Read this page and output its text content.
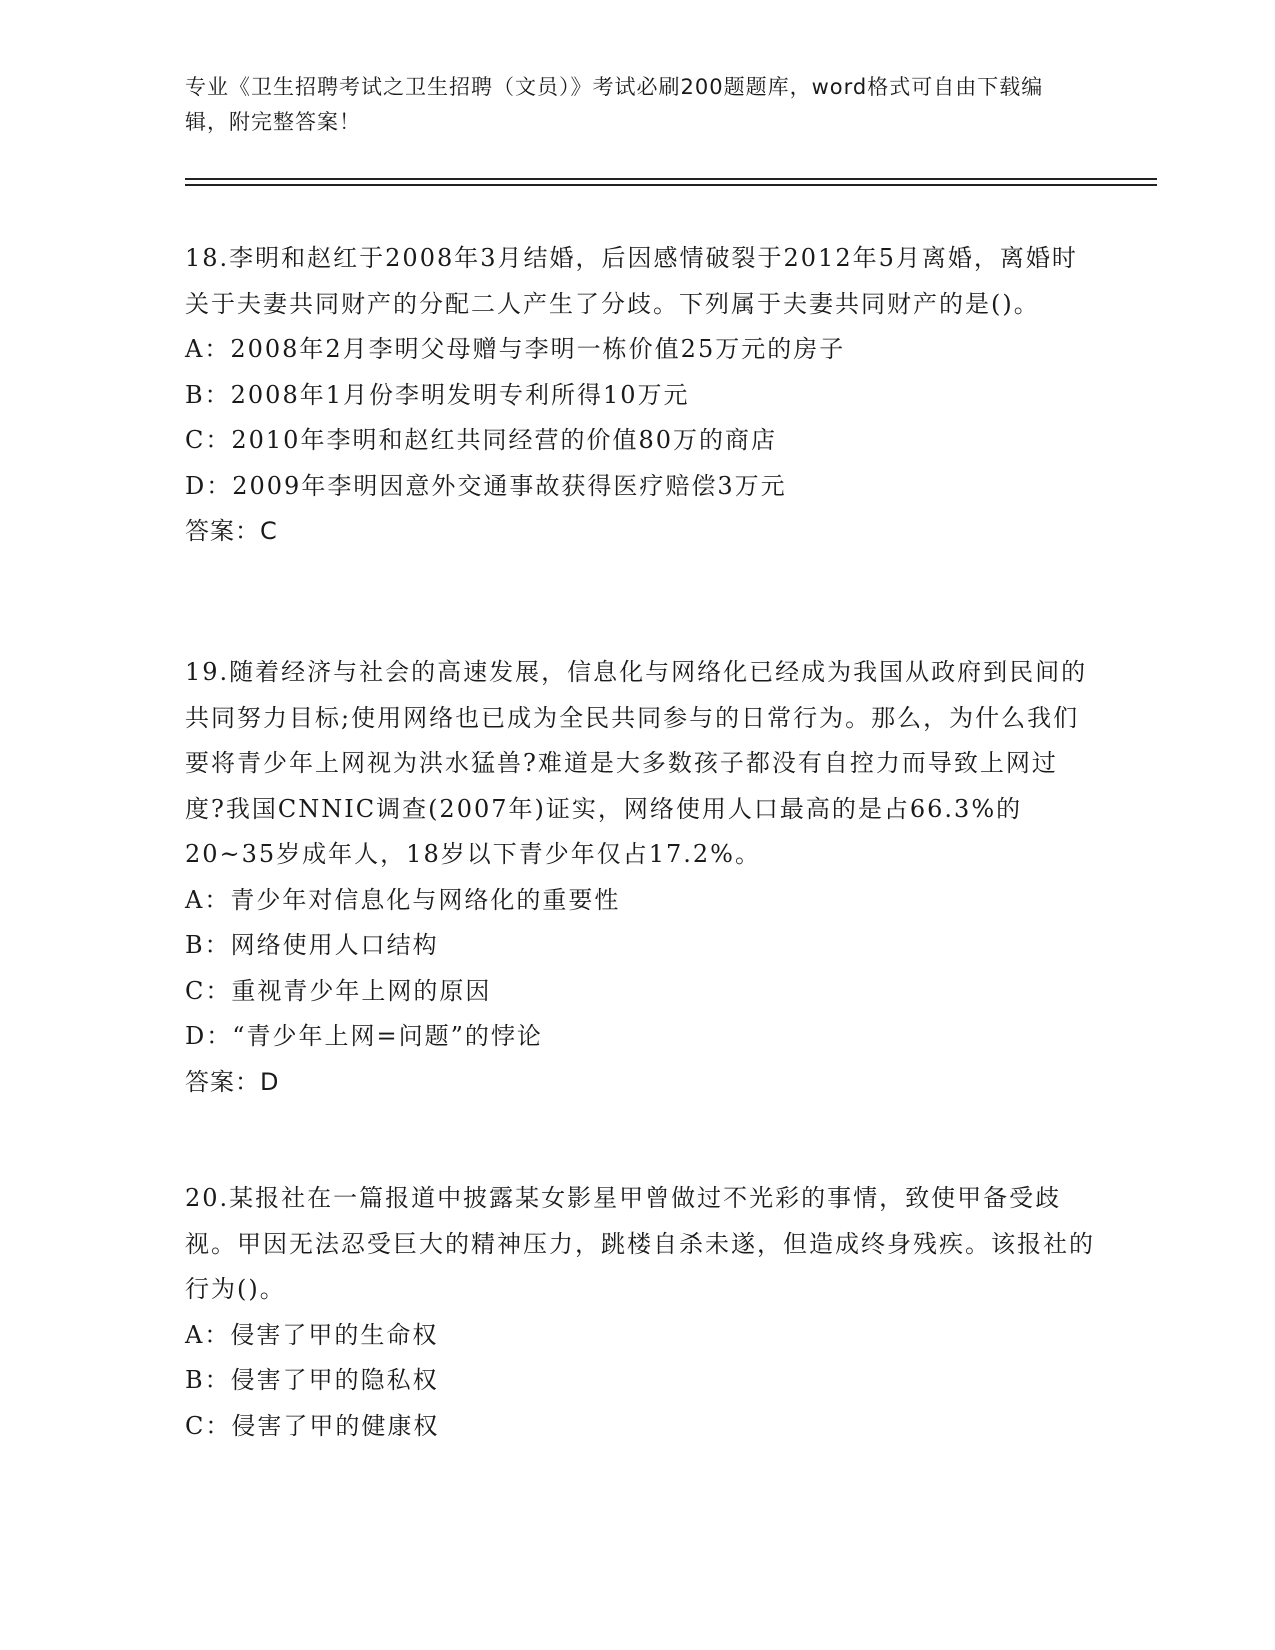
专业《卫生招聘考试之卫生招聘（文员）》考试必刷200题题库，word格式可自由下载编辑，附完整答案！

18.李明和赵红于2008年3月结婚，后因感情破裂于2012年5月离婚，离婚时关于夫妻共同财产的分配二人产生了分歧。下列属于夫妻共同财产的是()。

A：2008年2月李明父母赠与李明一栋价值25万元的房子
B：2008年1月份李明发明专利所得10万元
C：2010年李明和赵红共同经营的价值80万的商店
D：2009年李明因意外交通事故获得医疗赔偿3万元
答案：C

19.随着经济与社会的高速发展，信息化与网络化已经成为我国从政府到民间的共同努力目标;使用网络也已成为全民共同参与的日常行为。那么，为什么我们要将青少年上网视为洪水猛兽?难道是大多数孩子都没有自控力而导致上网过度?我国CNNIC调查(2007年)证实，网络使用人口最高的是占66.3%的20~35岁成年人，18岁以下青少年仅占17.2%。

A：青少年对信息化与网络化的重要性
B：网络使用人口结构
C：重视青少年上网的原因
D：“青少年上网=问题”的悖论
答案：D

20.某报社在一篇报道中披露某女影星甲曾做过不光彩的事情，致使甲备受歧视。甲因无法忍受巨大的精神压力，跳楼自杀未遂，但造成终身残疾。该报社的行为()。

A：侵害了甲的生命权
B：侵害了甲的隐私权
C：侵害了甲的健康权
